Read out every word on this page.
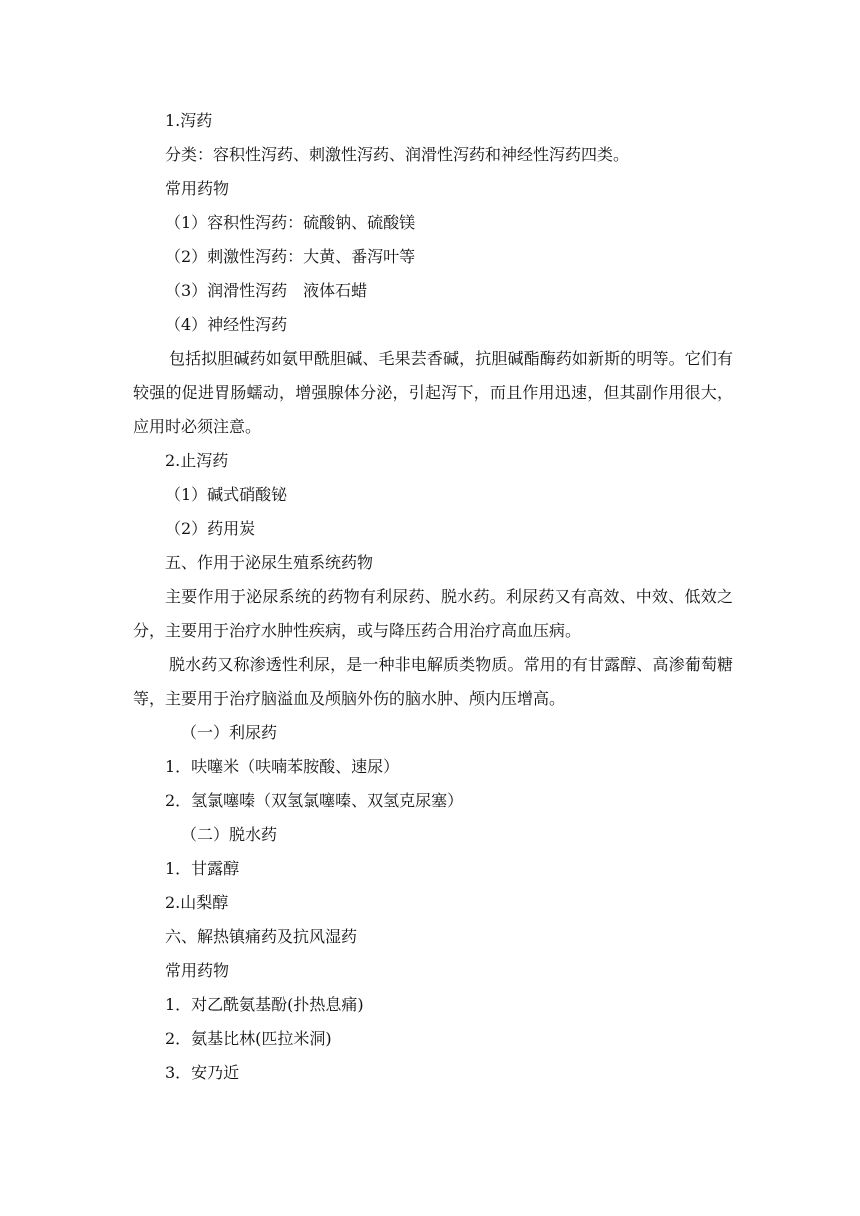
1.泻药

分类：容积性泻药、刺激性泻药、润滑性泻药和神经性泻药四类。

常用药物

（1）容积性泻药：硫酸钠、硫酸镁

（2）刺激性泻药：大黄、番泻叶等

（3）润滑性泻药　液体石蜡

（4）神经性泻药

包括拟胆碱药如氨甲酰胆碱、毛果芸香碱，抗胆碱酯酶药如新斯的明等。它们有较强的促进胃肠蠕动，增强腺体分泌，引起泻下，而且作用迅速，但其副作用很大，应用时必须注意。

2.止泻药

（1）碱式硝酸铋

（2）药用炭

五、作用于泌尿生殖系统药物

主要作用于泌尿系统的药物有利尿药、脱水药。利尿药又有高效、中效、低效之分，主要用于治疗水肿性疾病，或与降压药合用治疗高血压病。

脱水药又称渗透性利尿，是一种非电解质类物质。常用的有甘露醇、高渗葡萄糖等，主要用于治疗脑溢血及颅脑外伤的脑水肿、颅内压增高。

（一）利尿药

1．呋噻米（呋喃苯胺酸、速尿）

2．氢氯噻嗪（双氢氯噻嗪、双氢克尿塞）

（二）脱水药

1．甘露醇

2.山梨醇

六、解热镇痛药及抗风湿药

常用药物

1．对乙酰氨基酚(扑热息痛)

2．氨基比林(匹拉米洞)

3．安乃近
